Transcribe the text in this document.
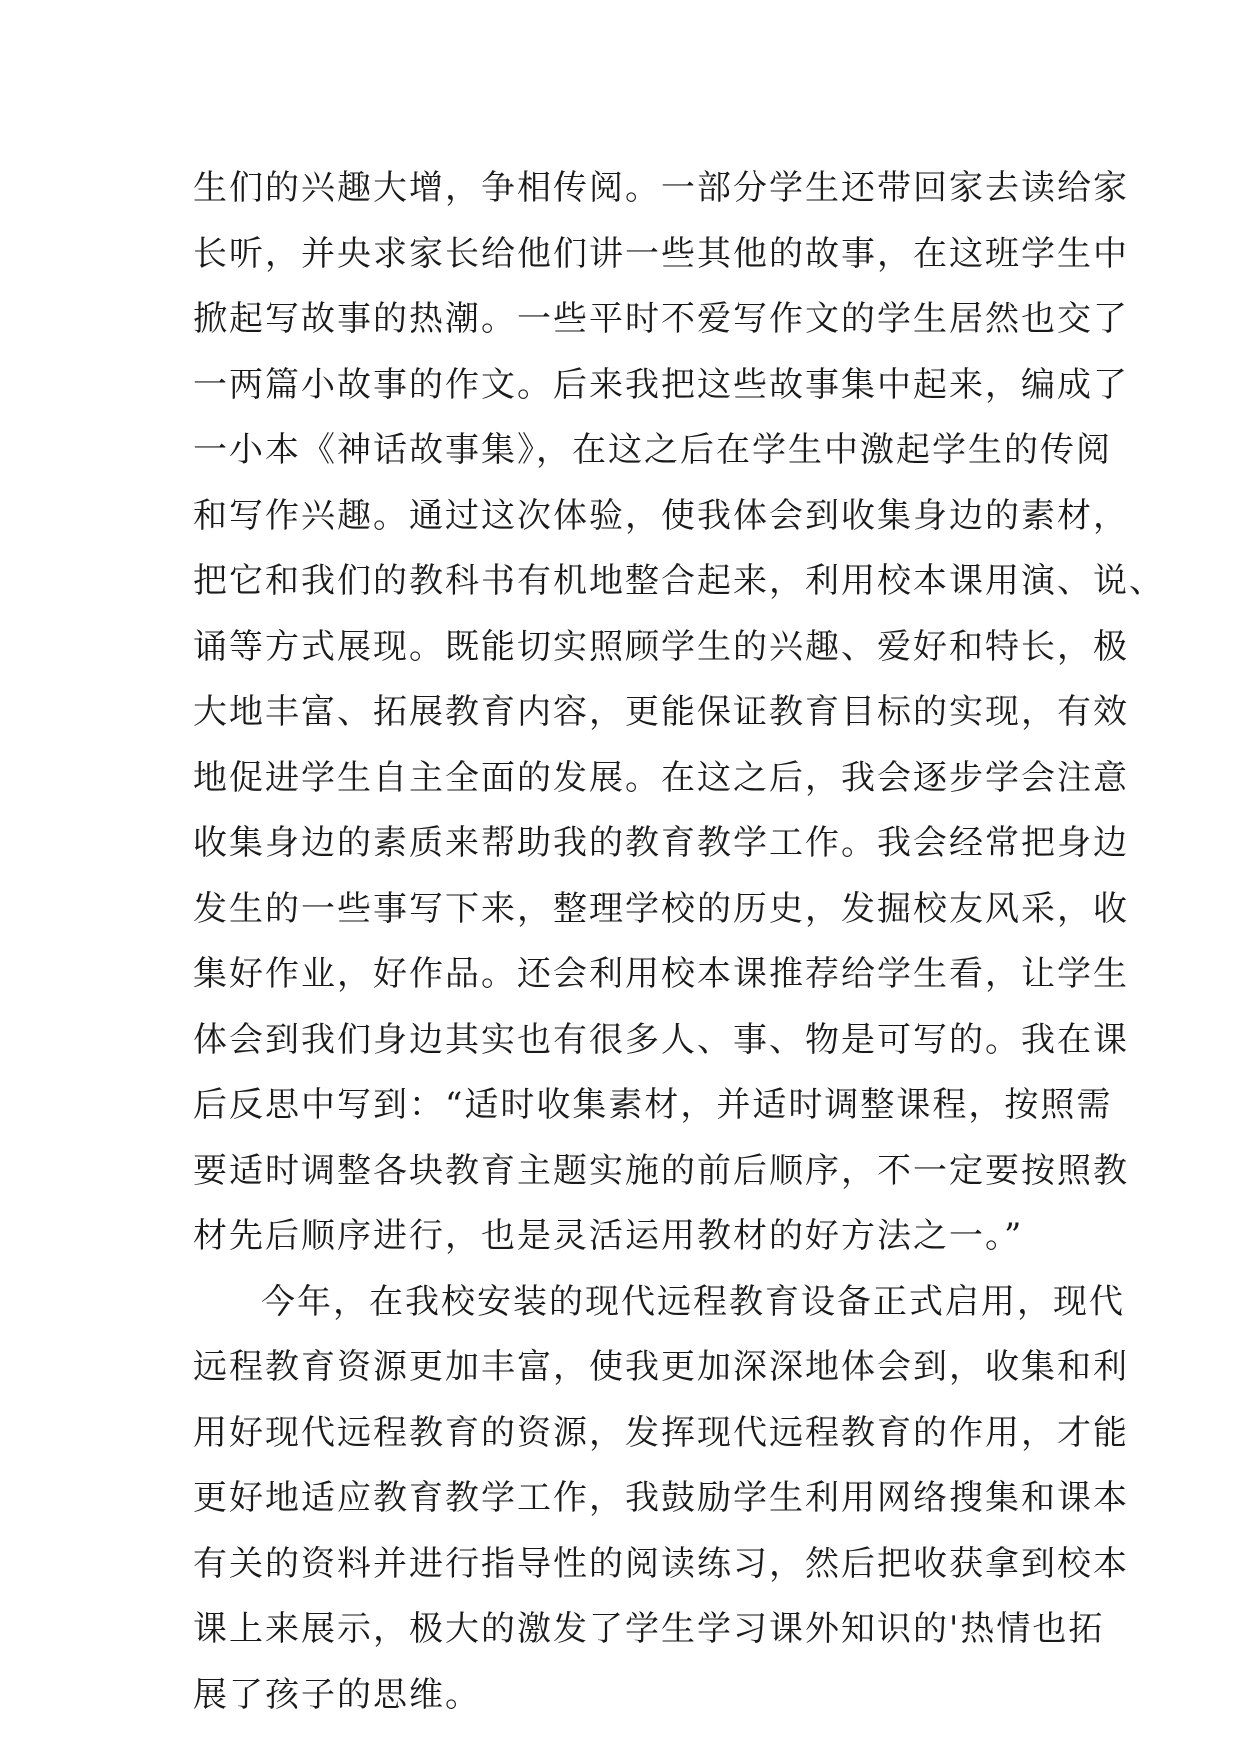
生们的兴趣大增，争相传阅。一部分学生还带回家去读给家
长听，并央求家长给他们讲一些其他的故事，在这班学生中
掀起写故事的热潮。一些平时不爱写作文的学生居然也交了
一两篇小故事的作文。后来我把这些故事集中起来，编成了
一小本《神话故事集》，在这之后在学生中激起学生的传阅
和写作兴趣。通过这次体验，使我体会到收集身边的素材，
把它和我们的教科书有机地整合起来，利用校本课用演、说、
诵等方式展现。既能切实照顾学生的兴趣、爱好和特长，极
大地丰富、拓展教育内容，更能保证教育目标的实现，有效
地促进学生自主全面的发展。在这之后，我会逐步学会注意
收集身边的素质来帮助我的教育教学工作。我会经常把身边
发生的一些事写下来，整理学校的历史，发掘校友风采，收
集好作业，好作品。还会利用校本课推荐给学生看，让学生
体会到我们身边其实也有很多人、事、物是可写的。我在课
后反思中写到：“适时收集素材，并适时调整课程，按照需
要适时调整各块教育主题实施的前后顺序，不一定要按照教
材先后顺序进行，也是灵活运用教材的好方法之一。”
今年，在我校安装的现代远程教育设备正式启用，现代
远程教育资源更加丰富，使我更加深深地体会到，收集和利
用好现代远程教育的资源，发挥现代远程教育的作用，才能
更好地适应教育教学工作，我鼓励学生利用网络搜集和课本
有关的资料并进行指导性的阅读练习，然后把收获拿到校本
课上来展示，极大的激发了学生学习课外知识的'热情也拓
展了孩子的思维。
